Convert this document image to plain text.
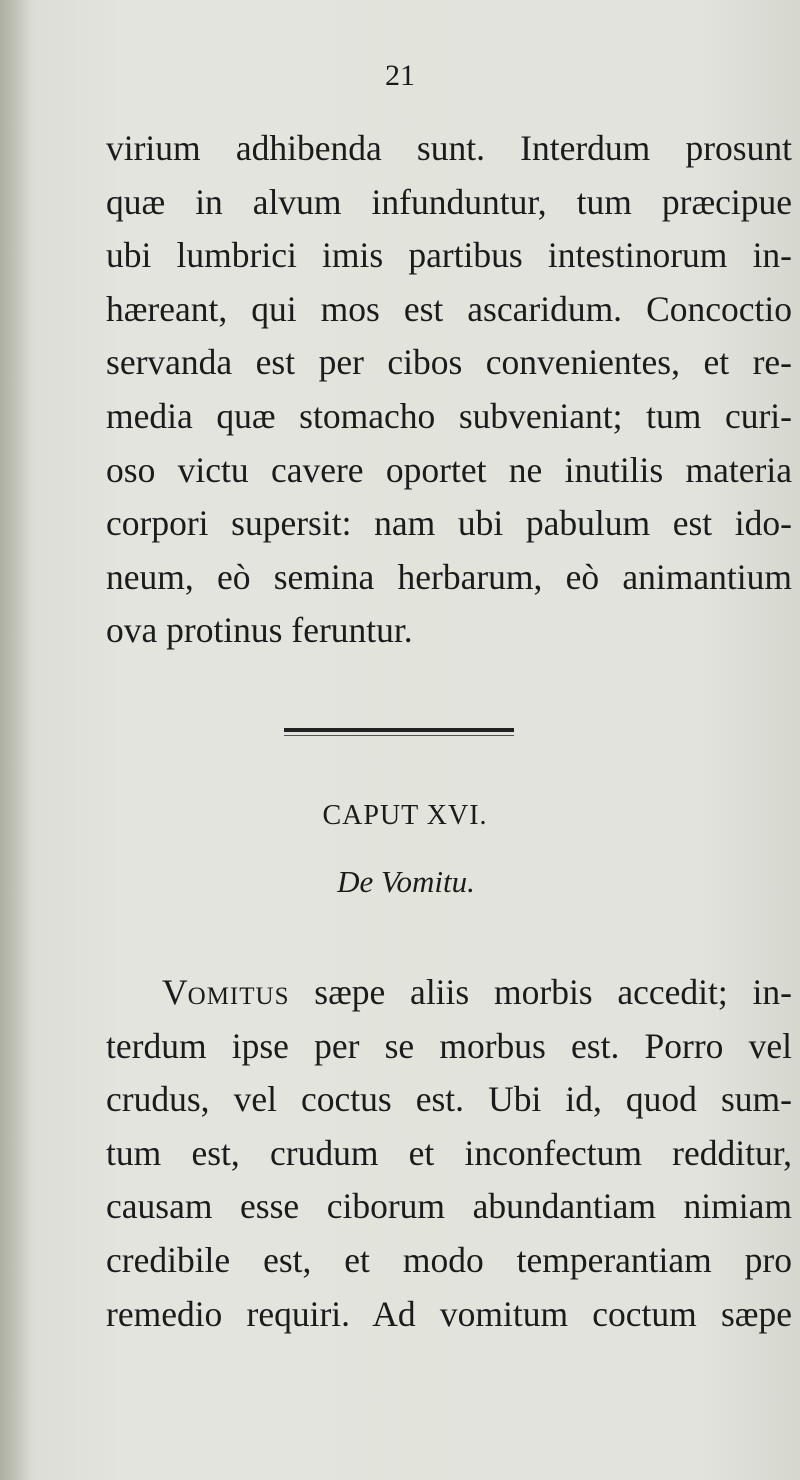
21
virium adhibenda sunt. Interdum prosunt
quæ in alvum infunduntur, tum præcipue
ubi lumbrici imis partibus intestinorum in-
hæreant, qui mos est ascaridum. Concoctio
servanda est per cibos convenientes, et re-
media quæ stomacho subveniant; tum curi-
oso victu cavere oportet ne inutilis materia
corpori supersit: nam ubi pabulum est ido-
neum, eò semina herbarum, eò animantium
ova protinus feruntur.
CAPUT XVI.
De Vomitu.
Vomitus sæpe aliis morbis accedit; in-
terdum ipse per se morbus est. Porro vel
crudus, vel coctus est. Ubi id, quod sum-
tum est, crudum et inconfectum redditur,
causam esse ciborum abundantiam nimiam
credibile est, et modo temperantiam pro
remedio requiri. Ad vomitum coctum sæpe
